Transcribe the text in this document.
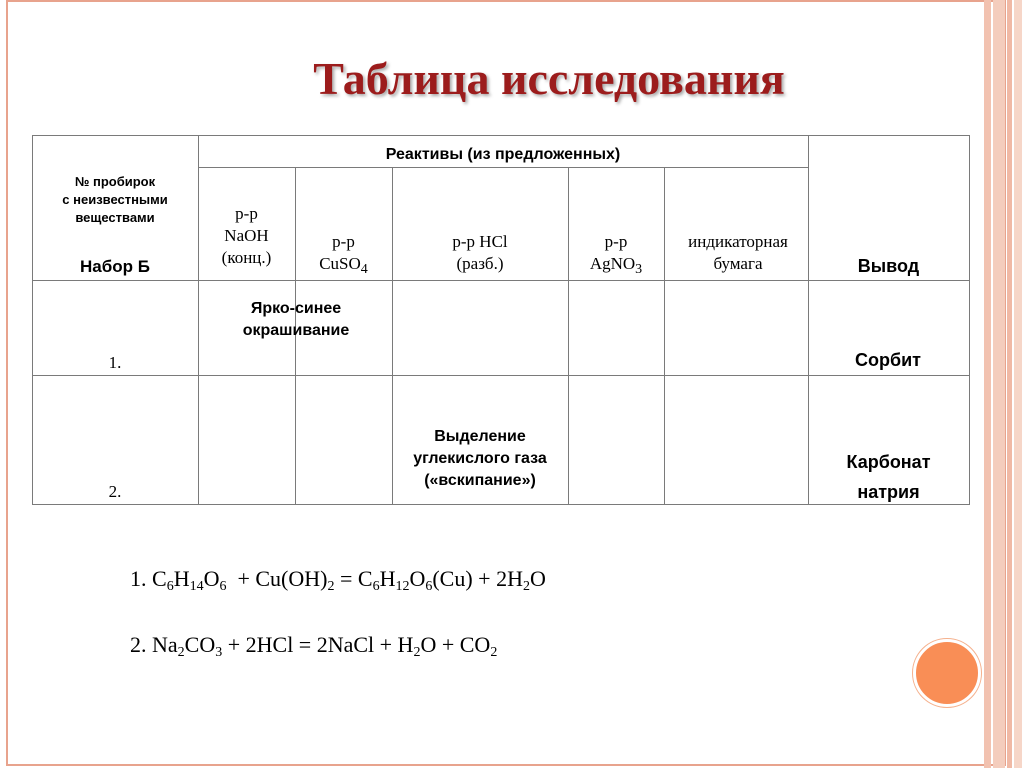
Таблица исследования
№ пробирок
с неизвестными
веществами
Набор Б
Реактивы (из предложенных)
р-р
NaOH
(конц.)
р-р
CuSO$_4$
р-р HCl
(разб.)
р-р
AgNO$_3$
индикаторная
бумага	Вывод
1.
Ярко-синее окрашивание
Сорбит
2.
Выделение
углекислого газа
(«вскипание»)
Карбонат
натрия
1. $C_6H_{14}O_6 + Cu(OH)_2 = C_6H_{12}O_6(Cu) + 2H_2O$
2. $Na_2CO_3 + 2HCl$ = 2NaCl + $H_2O + CO_2$
